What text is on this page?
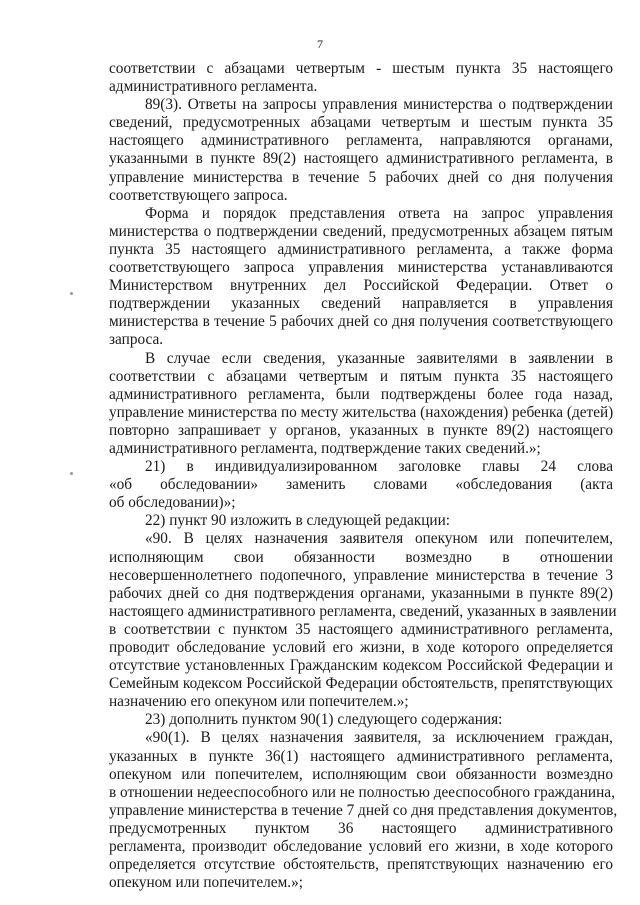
7
соответствии с абзацами четвертым - шестым пункта 35 настоящего
административного регламента.
89(3). Ответы на запросы управления министерства о подтверждении
сведений, предусмотренных абзацами четвертым и шестым пункта 35
настоящего административного регламента, направляются органами,
указанными в пункте 89(2) настоящего административного регламента, в
управление министерства в течение 5 рабочих дней со дня получения
соответствующего запроса.
Форма и порядок представления ответа на запрос управления
министерства о подтверждении сведений, предусмотренных абзацем пятым
пункта 35 настоящего административного регламента, а также форма
соответствующего запроса управления министерства устанавливаются
Министерством внутренних дел Российской Федерации. Ответ о
подтверждении указанных сведений направляется в управления
министерства в течение 5 рабочих дней со дня получения соответствующего
запроса.
В случае если сведения, указанные заявителями в заявлении в
соответствии с абзацами четвертым и пятым пункта 35 настоящего
административного регламента, были подтверждены более года назад,
управление министерства по месту жительства (нахождения) ребенка (детей)
повторно запрашивает у органов, указанных в пункте 89(2) настоящего
административного регламента, подтверждение таких сведений.»;
21) в индивидуализированном заголовке главы 24 слова
«об обследовании» заменить словами «обследования (акта
об обследовании)»;
22) пункт 90 изложить в следующей редакции:
«90. В целях назначения заявителя опекуном или попечителем,
исполняющим свои обязанности возмездно в отношении
несовершеннолетнего подопечного, управление министерства в течение 3
рабочих дней со дня подтверждения органами, указанными в пункте 89(2)
настоящего административного регламента, сведений, указанных в заявлении
в соответствии с пунктом 35 настоящего административного регламента,
проводит обследование условий его жизни, в ходе которого определяется
отсутствие установленных Гражданским кодексом Российской Федерации и
Семейным кодексом Российской Федерации обстоятельств, препятствующих
назначению его опекуном или попечителем.»;
23) дополнить пунктом 90(1) следующего содержания:
«90(1). В целях назначения заявителя, за исключением граждан,
указанных в пункте 36(1) настоящего административного регламента,
опекуном или попечителем, исполняющим свои обязанности возмездно
в отношении недееспособного или не полностью дееспособного гражданина,
управление министерства в течение 7 дней со дня представления документов,
предусмотренных пунктом 36 настоящего административного
регламента, производит обследование условий его жизни, в ходе которого
определяется отсутствие обстоятельств, препятствующих назначению его
опекуном или попечителем.»;
